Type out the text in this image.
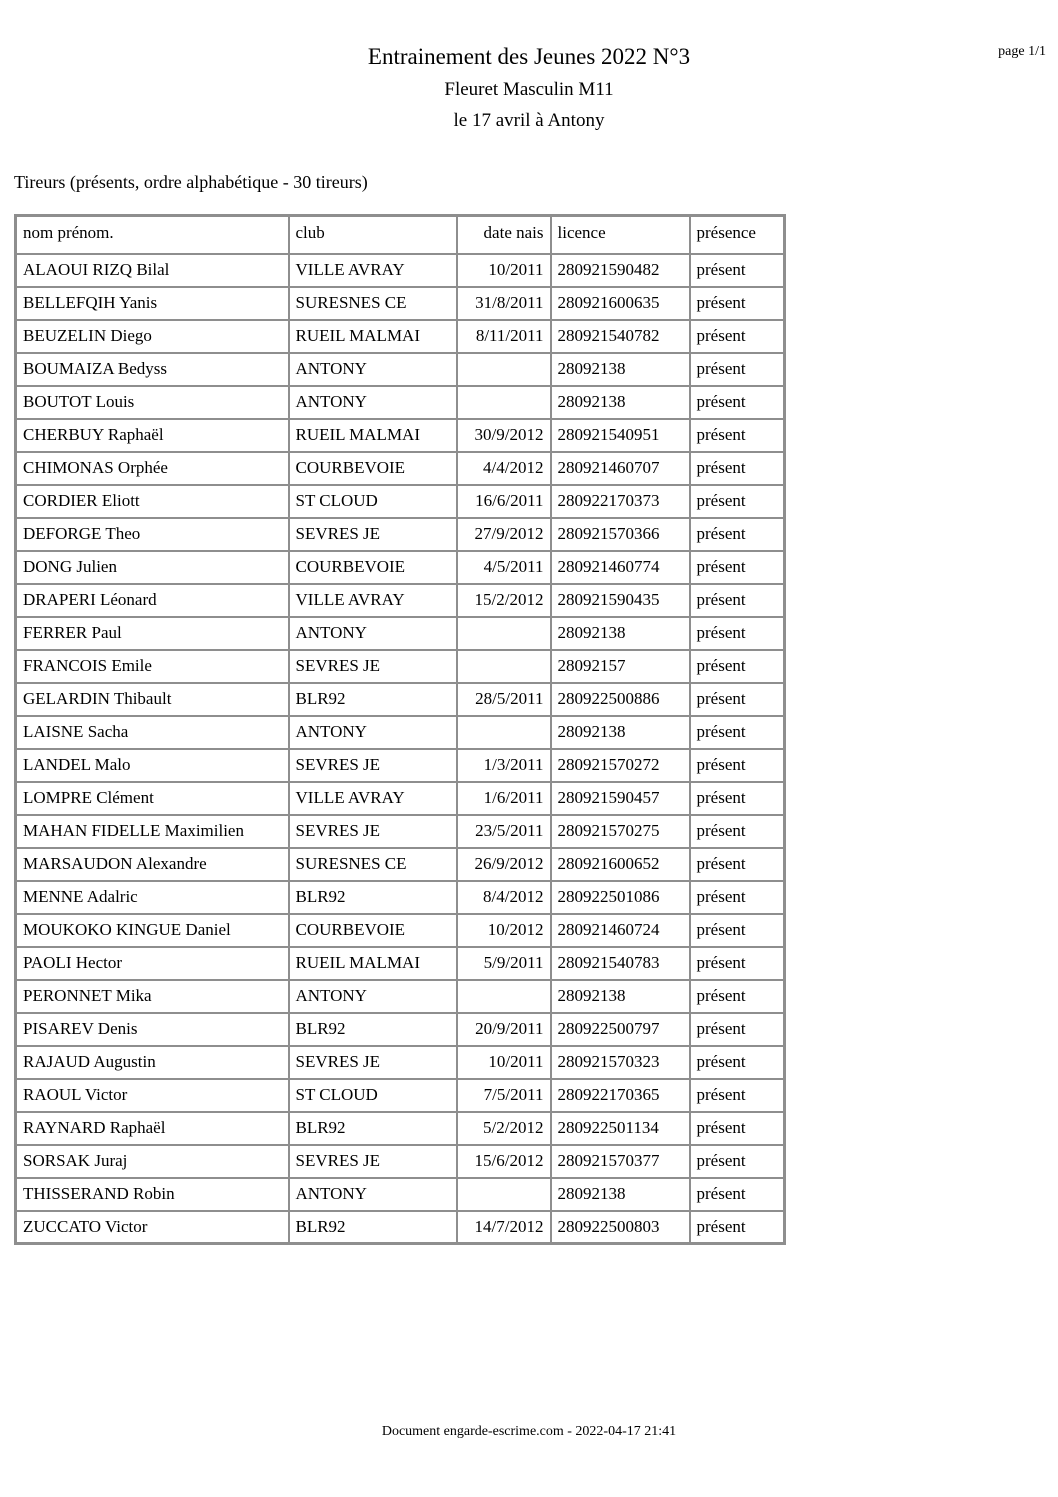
page 1/1
Entrainement des Jeunes 2022 N°3
Fleuret Masculin M11
le 17 avril à Antony
Tireurs (présents, ordre alphabétique - 30 tireurs)
nom prénom.	club	date nais	licence	présence
ALAOUI RIZQ Bilal	VILLE AVRAY	10/2011	280921590482	présent
BELLEFQIH Yanis	SURESNES CE	31/8/2011	280921600635	présent
BEUZELIN Diego	RUEIL MALMAI	8/11/2011	280921540782	présent
BOUMAIZA Bedyss	ANTONY		28092138	présent
BOUTOT Louis	ANTONY		28092138	présent
CHERBUY Raphaël	RUEIL MALMAI	30/9/2012	280921540951	présent
CHIMONAS Orphée	COURBEVOIE	4/4/2012	280921460707	présent
CORDIER Eliott	ST CLOUD	16/6/2011	280922170373	présent
DEFORGE Theo	SEVRES JE	27/9/2012	280921570366	présent
DONG Julien	COURBEVOIE	4/5/2011	280921460774	présent
DRAPERI Léonard	VILLE AVRAY	15/2/2012	280921590435	présent
FERRER Paul	ANTONY		28092138	présent
FRANCOIS Emile	SEVRES JE		28092157	présent
GELARDIN Thibault	BLR92	28/5/2011	280922500886	présent
LAISNE Sacha	ANTONY		28092138	présent
LANDEL Malo	SEVRES JE	1/3/2011	280921570272	présent
LOMPRE Clément	VILLE AVRAY	1/6/2011	280921590457	présent
MAHAN FIDELLE Maximilien	SEVRES JE	23/5/2011	280921570275	présent
MARSAUDON Alexandre	SURESNES CE	26/9/2012	280921600652	présent
MENNE Adalric	BLR92	8/4/2012	280922501086	présent
MOUKOKO KINGUE Daniel	COURBEVOIE	10/2012	280921460724	présent
PAOLI Hector	RUEIL MALMAI	5/9/2011	280921540783	présent
PERONNET Mika	ANTONY		28092138	présent
PISAREV Denis	BLR92	20/9/2011	280922500797	présent
RAJAUD Augustin	SEVRES JE	10/2011	280921570323	présent
RAOUL Victor	ST CLOUD	7/5/2011	280922170365	présent
RAYNARD Raphaël	BLR92	5/2/2012	280922501134	présent
SORSAK Juraj	SEVRES JE	15/6/2012	280921570377	présent
THISSERAND Robin	ANTONY		28092138	présent
ZUCCATO Victor	BLR92	14/7/2012	280922500803	présent
Document engarde-escrime.com - 2022-04-17 21:41
